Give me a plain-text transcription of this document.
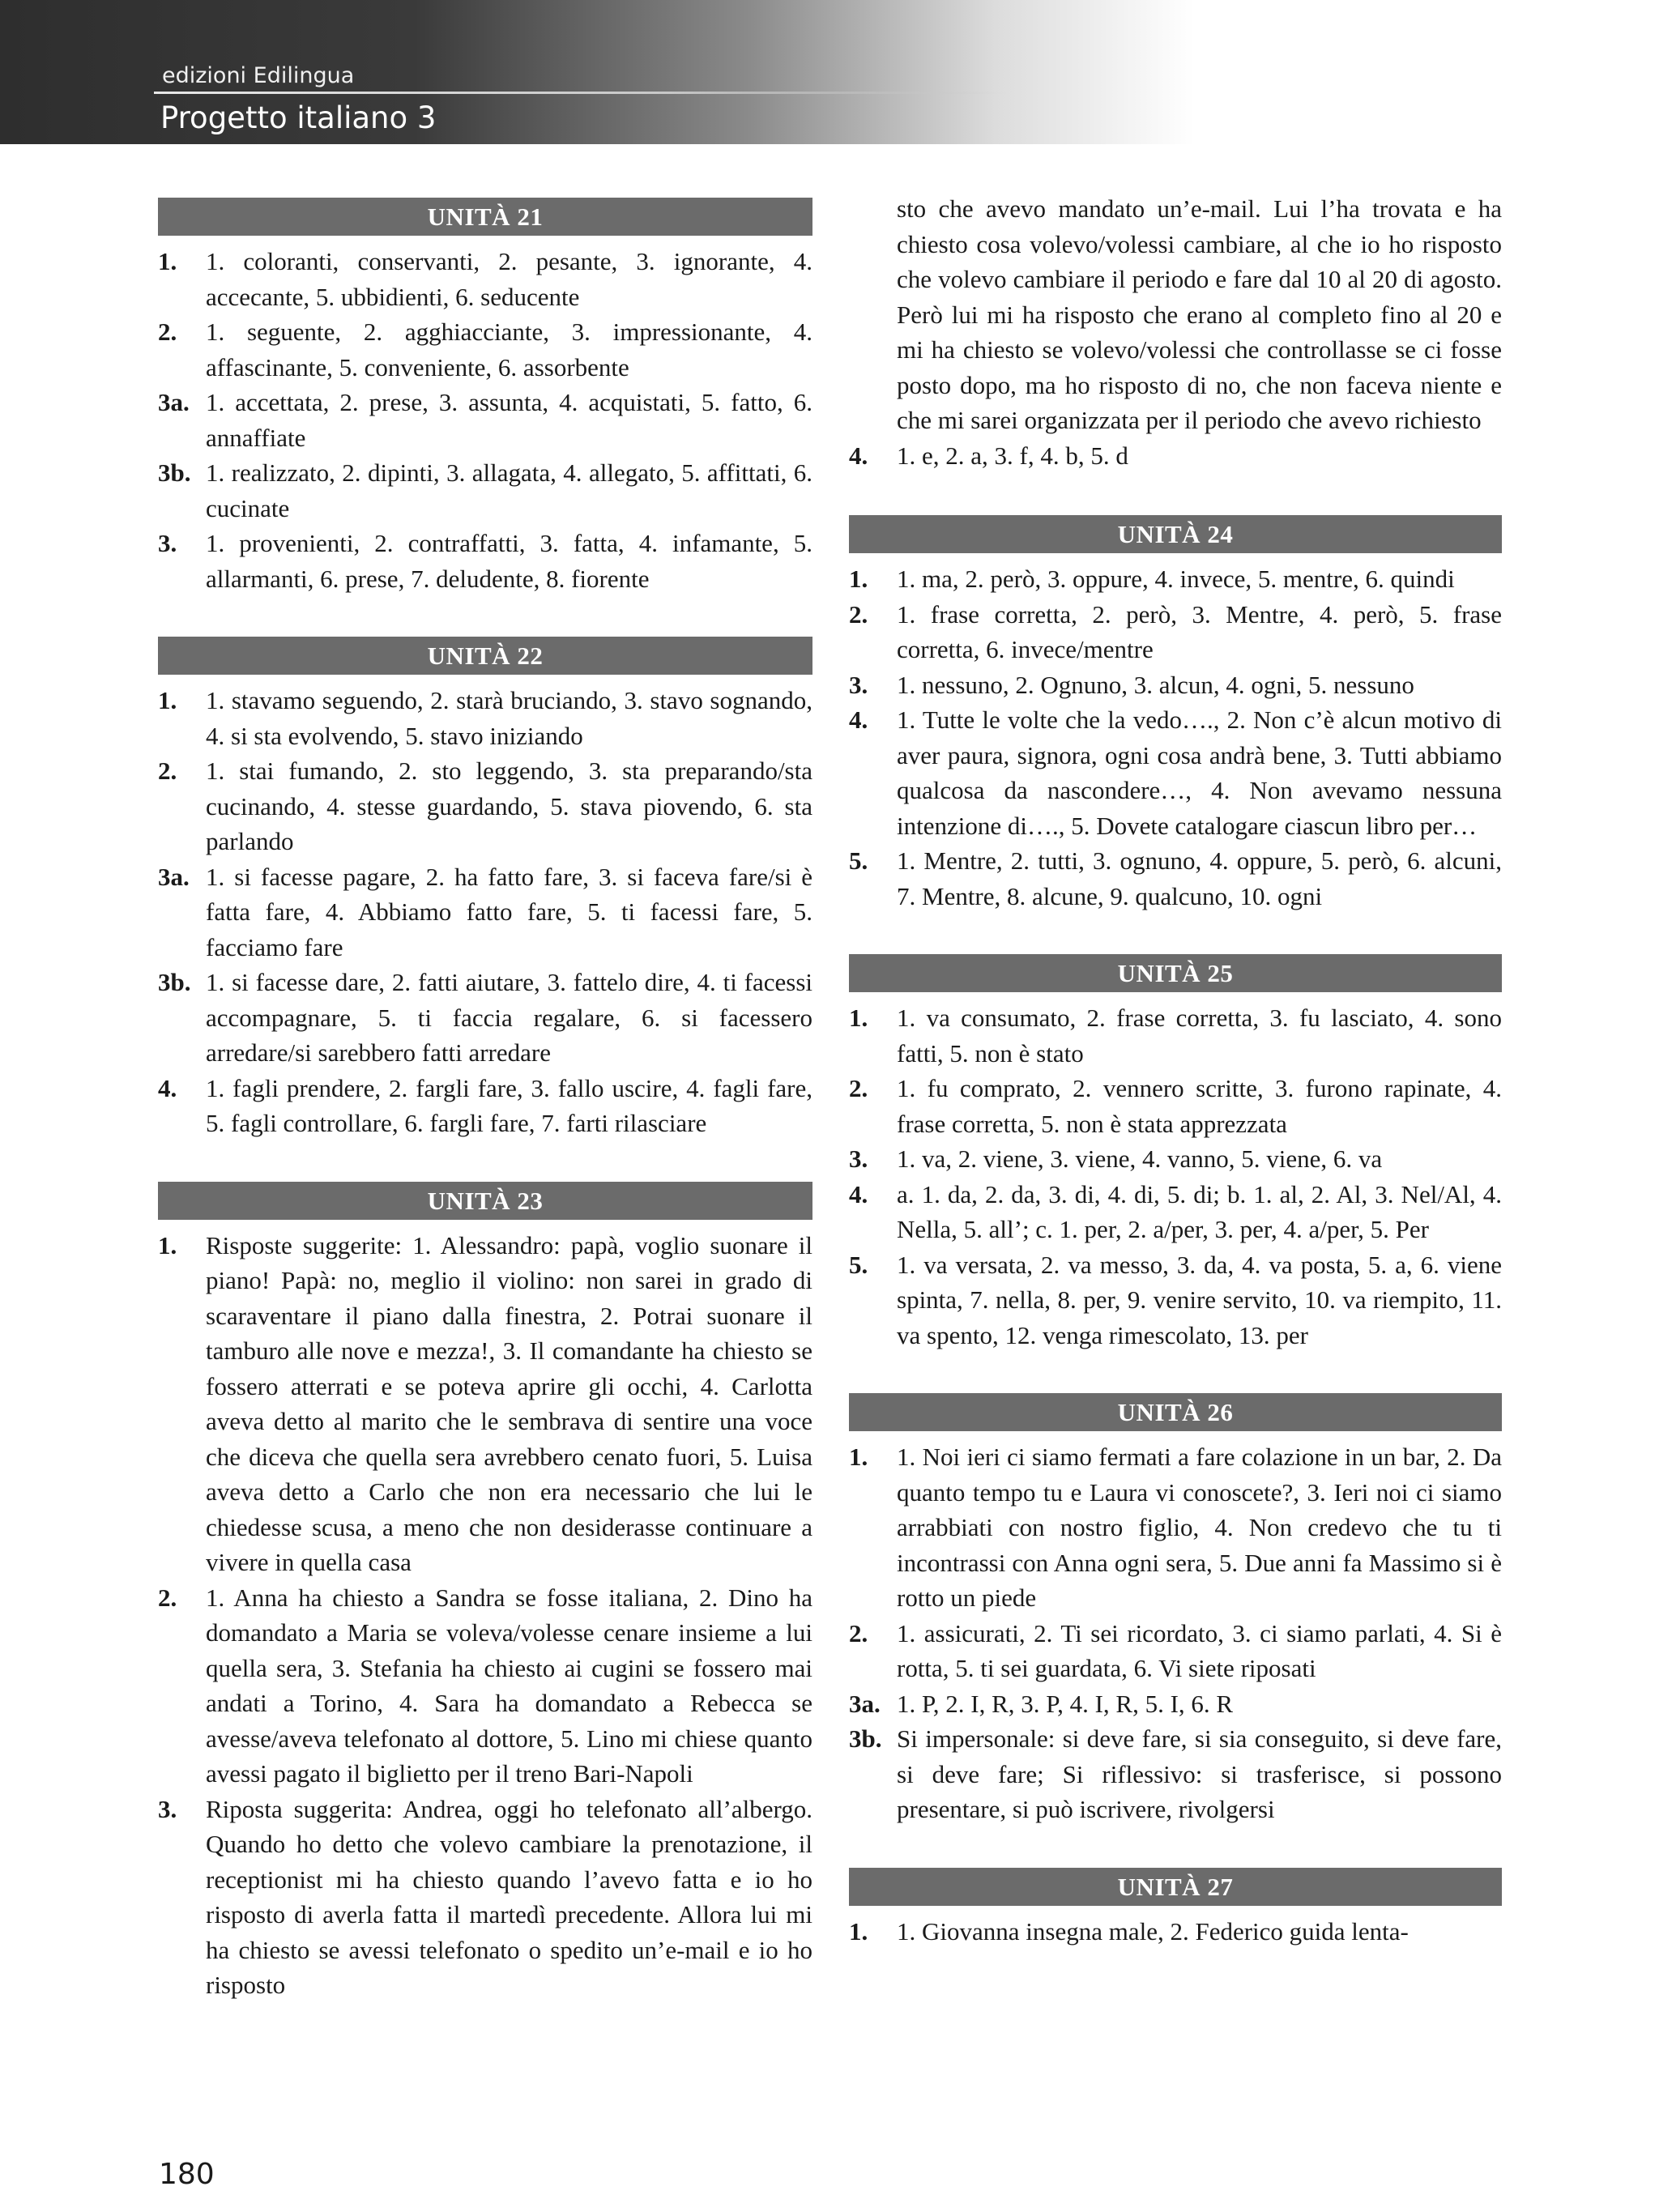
edizioni Edilingua
Progetto italiano 3
UNITÀ 21
1.	1. coloranti, conservanti, 2. pesante, 3. ignorante, 4. accecante, 5. ubbidienti, 6. seducente
2.	1. seguente, 2. agghiacciante, 3. impressionante, 4. affascinante, 5. conveniente, 6. assorbente
3a. 1. accettata, 2. prese, 3. assunta, 4. acquistati, 5. fatto, 6. annaffiate
3b. 1. realizzato, 2. dipinti, 3. allagata, 4. allegato, 5. affittati, 6. cucinate
3.	1. provenienti, 2. contraffatti, 3. fatta, 4. infamante, 5. allarmanti, 6. prese, 7. deludente, 8. fiorente
UNITÀ 22
1.	1. stavamo seguendo, 2. starà bruciando, 3. stavo sognando, 4. si sta evolvendo, 5. stavo iniziando
2.	1. stai fumando, 2. sto leggendo, 3. sta preparando/sta cucinando, 4. stesse guardando, 5. stava piovendo, 6. sta parlando
3a. 1. si facesse pagare, 2. ha fatto fare, 3. si faceva fare/si è fatta fare, 4. Abbiamo fatto fare, 5. ti facessi fare, 5. facciamo fare
3b. 1. si facesse dare, 2. fatti aiutare, 3. fattelo dire, 4. ti facessi accompagnare, 5. ti faccia regalare, 6. si facessero arredare/si sarebbero fatti arredare
4.	1. fagli prendere, 2. fargli fare, 3. fallo uscire, 4. fagli fare, 5. fagli controllare, 6. fargli fare, 7. farti rilasciare
UNITÀ 23
1.	Risposte suggerite: 1. Alessandro: papà, voglio suonare il piano! Papà: no, meglio il violino: non sarei in grado di scaraventare il piano dalla finestra, 2. Potrai suonare il tamburo alle nove e mezza!, 3. Il comandante ha chiesto se fossero atterrati e se poteva aprire gli occhi, 4. Carlotta aveva detto al marito che le sembrava di sentire una voce che diceva che quella sera avrebbero cenato fuori, 5. Luisa aveva detto a Carlo che non era necessario che lui le chiedesse scusa, a meno che non desiderasse continuare a vivere in quella casa
2.	1. Anna ha chiesto a Sandra se fosse italiana, 2. Dino ha domandato a Maria se voleva/volesse cenare insieme a lui quella sera, 3. Stefania ha chiesto ai cugini se fossero mai andati a Torino, 4. Sara ha domandato a Rebecca se avesse/aveva telefonato al dottore, 5. Lino mi chiese quanto avessi pagato il biglietto per il treno Bari-Napoli
3.	Riposta suggerita: Andrea, oggi ho telefonato all’albergo. Quando ho detto che volevo cambiare la prenotazione, il receptionist mi ha chiesto quando l’avevo fatta e io ho risposto di averla fatta il martedì precedente. Allora lui mi ha chiesto se avessi telefonato o spedito un’e-mail e io ho risposto
sto che avevo mandato un’e-mail. Lui l’ha trovata e ha chiesto cosa volevo/volessi cambiare, al che io ho risposto che volevo cambiare il periodo e fare dal 10 al 20 di agosto. Però lui mi ha risposto che erano al completo fino al 20 e mi ha chiesto se volevo/volessi che controllasse se ci fosse posto dopo, ma ho risposto di no, che non faceva niente e che mi sarei organizzata per il periodo che avevo richiesto
4.	1. e, 2. a, 3. f, 4. b, 5. d
UNITÀ 24
1.	1. ma, 2. però, 3. oppure, 4. invece, 5. mentre, 6. quindi
2.	1. frase corretta, 2. però, 3. Mentre, 4. però, 5. frase corretta, 6. invece/mentre
3.	1. nessuno, 2. Ognuno, 3. alcun, 4. ogni, 5. nessuno
4.	1. Tutte le volte che la vedo…., 2. Non c’è alcun motivo di aver paura, signora, ogni cosa andrà bene, 3. Tutti abbiamo qualcosa da nascondere…, 4. Non avevamo nessuna intenzione di…., 5. Dovete catalogare ciascun libro per…
5.	1. Mentre, 2. tutti, 3. ognuno, 4. oppure, 5. però, 6. alcuni, 7. Mentre, 8. alcune, 9. qualcuno, 10. ogni
UNITÀ 25
1.	1. va consumato, 2. frase corretta, 3. fu lasciato, 4. sono fatti, 5. non è stato
2.	1. fu comprato, 2. vennero scritte, 3. furono rapinate, 4. frase corretta, 5. non è stata apprezzata
3.	1. va, 2. viene, 3. viene, 4. vanno, 5. viene, 6. va
4.	a. 1. da, 2. da, 3. di, 4. di, 5. di; b. 1. al, 2. Al, 3. Nel/Al, 4. Nella, 5. all’; c. 1. per, 2. a/per, 3. per, 4. a/per, 5. Per
5.	1. va versata, 2. va messo, 3. da, 4. va posta, 5. a, 6. viene spinta, 7. nella, 8. per, 9. venire servito, 10. va riempito, 11. va spento, 12. venga rimescolato, 13. per
UNITÀ 26
1.	1. Noi ieri ci siamo fermati a fare colazione in un bar, 2. Da quanto tempo tu e Laura vi conoscete?, 3. Ieri noi ci siamo arrabbiati con nostro figlio, 4. Non credevo che tu ti incontrassi con Anna ogni sera, 5. Due anni fa Massimo si è rotto un piede
2.	1. assicurati, 2. Ti sei ricordato, 3. ci siamo parlati, 4. Si è rotta, 5. ti sei guardata, 6. Vi siete riposati
3a. 1. P, 2. I, R, 3. P, 4. I, R, 5. I, 6. R
3b. Si impersonale: si deve fare, si sia conseguito, si deve fare, si deve fare; Si riflessivo: si trasferisce, si possono presentare, si può iscrivere, rivolgersi
UNITÀ 27
1.	1. Giovanna insegna male, 2. Federico guida lenta-
180
